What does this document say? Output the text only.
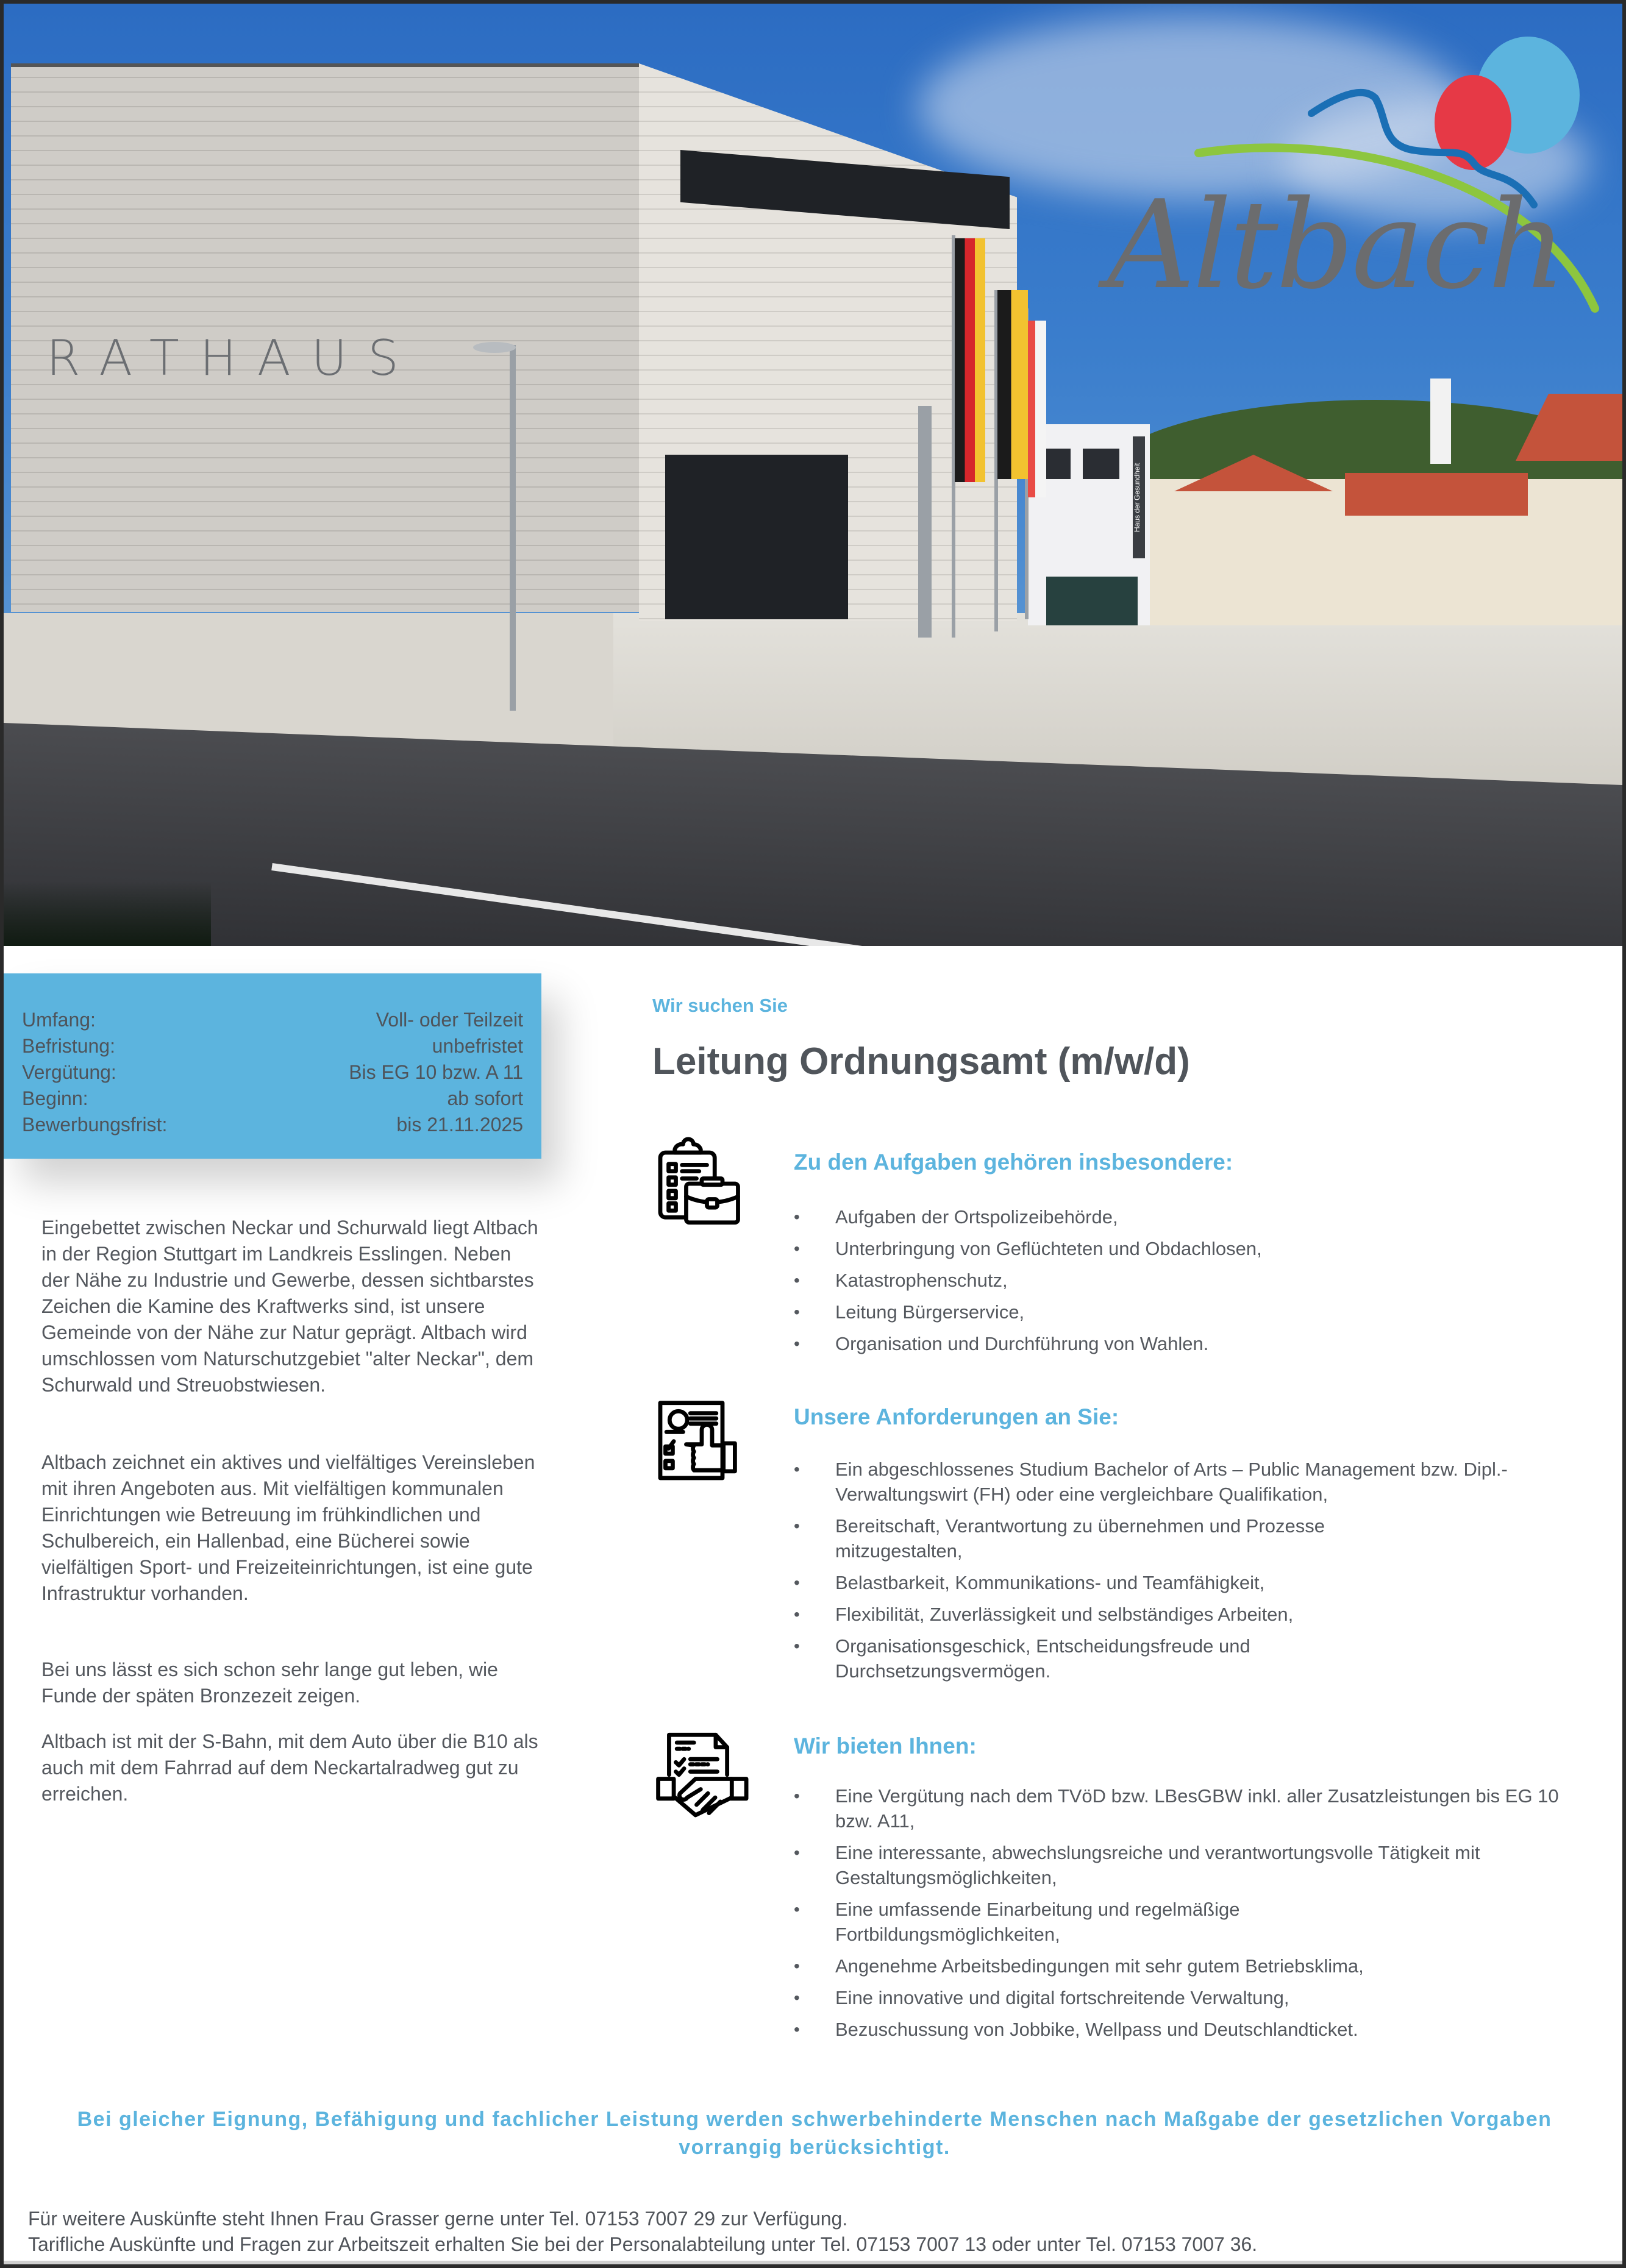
Haus der Gesundheit
RATHAUS
Altbach
Umfang:	Voll- oder Teilzeit
Befristung:	unbefristet
Vergütung:	Bis EG 10 bzw. A 11
Beginn:	ab sofort
Bewerbungsfrist:	bis 21.11.2025

Eingebettet zwischen Neckar und Schurwald liegt Altbach in der Region Stuttgart im Landkreis Esslingen. Neben der Nähe zu Industrie und Gewerbe, dessen sichtbarstes Zeichen die Kamine des Kraftwerks sind, ist unsere Gemeinde von der Nähe zur Natur geprägt. Altbach wird umschlossen vom Naturschutzgebiet "alter Neckar", dem Schurwald und Streuobstwiesen.

Altbach zeichnet ein aktives und vielfältiges Vereinsleben mit ihren Angeboten aus. Mit vielfältigen kommunalen Einrichtungen wie Betreuung im frühkindlichen und Schulbereich, ein Hallenbad, eine Bücherei sowie vielfältigen Sport- und Freizeiteinrichtungen, ist eine gute Infrastruktur vorhanden.

Bei uns lässt es sich schon sehr lange gut leben, wie Funde der späten Bronzezeit zeigen.

Altbach ist mit der S-Bahn, mit dem Auto über die B10 als auch mit dem Fahrrad auf dem Neckartalradweg gut zu erreichen.

Wir suchen Sie
Leitung Ordnungsamt (m/w/d)
Zu den Aufgaben gehören insbesondere:
• Aufgaben der Ortspolizeibehörde,
• Unterbringung von Geflüchteten und Obdachlosen,
• Katastrophenschutz,
• Leitung Bürgerservice,
• Organisation und Durchführung von Wahlen.
Unsere Anforderungen an Sie:
• Ein abgeschlossenes Studium Bachelor of Arts – Public Management bzw. Dipl.-Verwaltungswirt (FH) oder eine vergleichbare Qualifikation,
• Bereitschaft, Verantwortung zu übernehmen und Prozesse mitzugestalten,
• Belastbarkeit, Kommunikations- und Teamfähigkeit,
• Flexibilität, Zuverlässigkeit und selbständiges Arbeiten,
• Organisationsgeschick, Entscheidungsfreude und Durchsetzungsvermögen.
Wir bieten Ihnen:
• Eine Vergütung nach dem TVöD bzw. LBesGBW inkl. aller Zusatzleistungen bis EG 10 bzw. A11,
• Eine interessante, abwechslungsreiche und verantwortungsvolle Tätigkeit mit Gestaltungsmöglichkeiten,
• Eine umfassende Einarbeitung und regelmäßige Fortbildungsmöglichkeiten,
• Angenehme Arbeitsbedingungen mit sehr gutem Betriebsklima,
• Eine innovative und digital fortschreitende Verwaltung,
• Bezuschussung von Jobbike, Wellpass und Deutschlandticket.

Bei gleicher Eignung, Befähigung und fachlicher Leistung werden schwerbehinderte Menschen nach Maßgabe der gesetzlichen Vorgaben vorrangig berücksichtigt.

Für weitere Auskünfte steht Ihnen Frau Grasser gerne unter Tel. 07153 7007 29 zur Verfügung.

Tarifliche Auskünfte und Fragen zur Arbeitszeit erhalten Sie bei der Personalabteilung unter Tel. 07153 7007 13 oder unter Tel. 07153 7007 36.
